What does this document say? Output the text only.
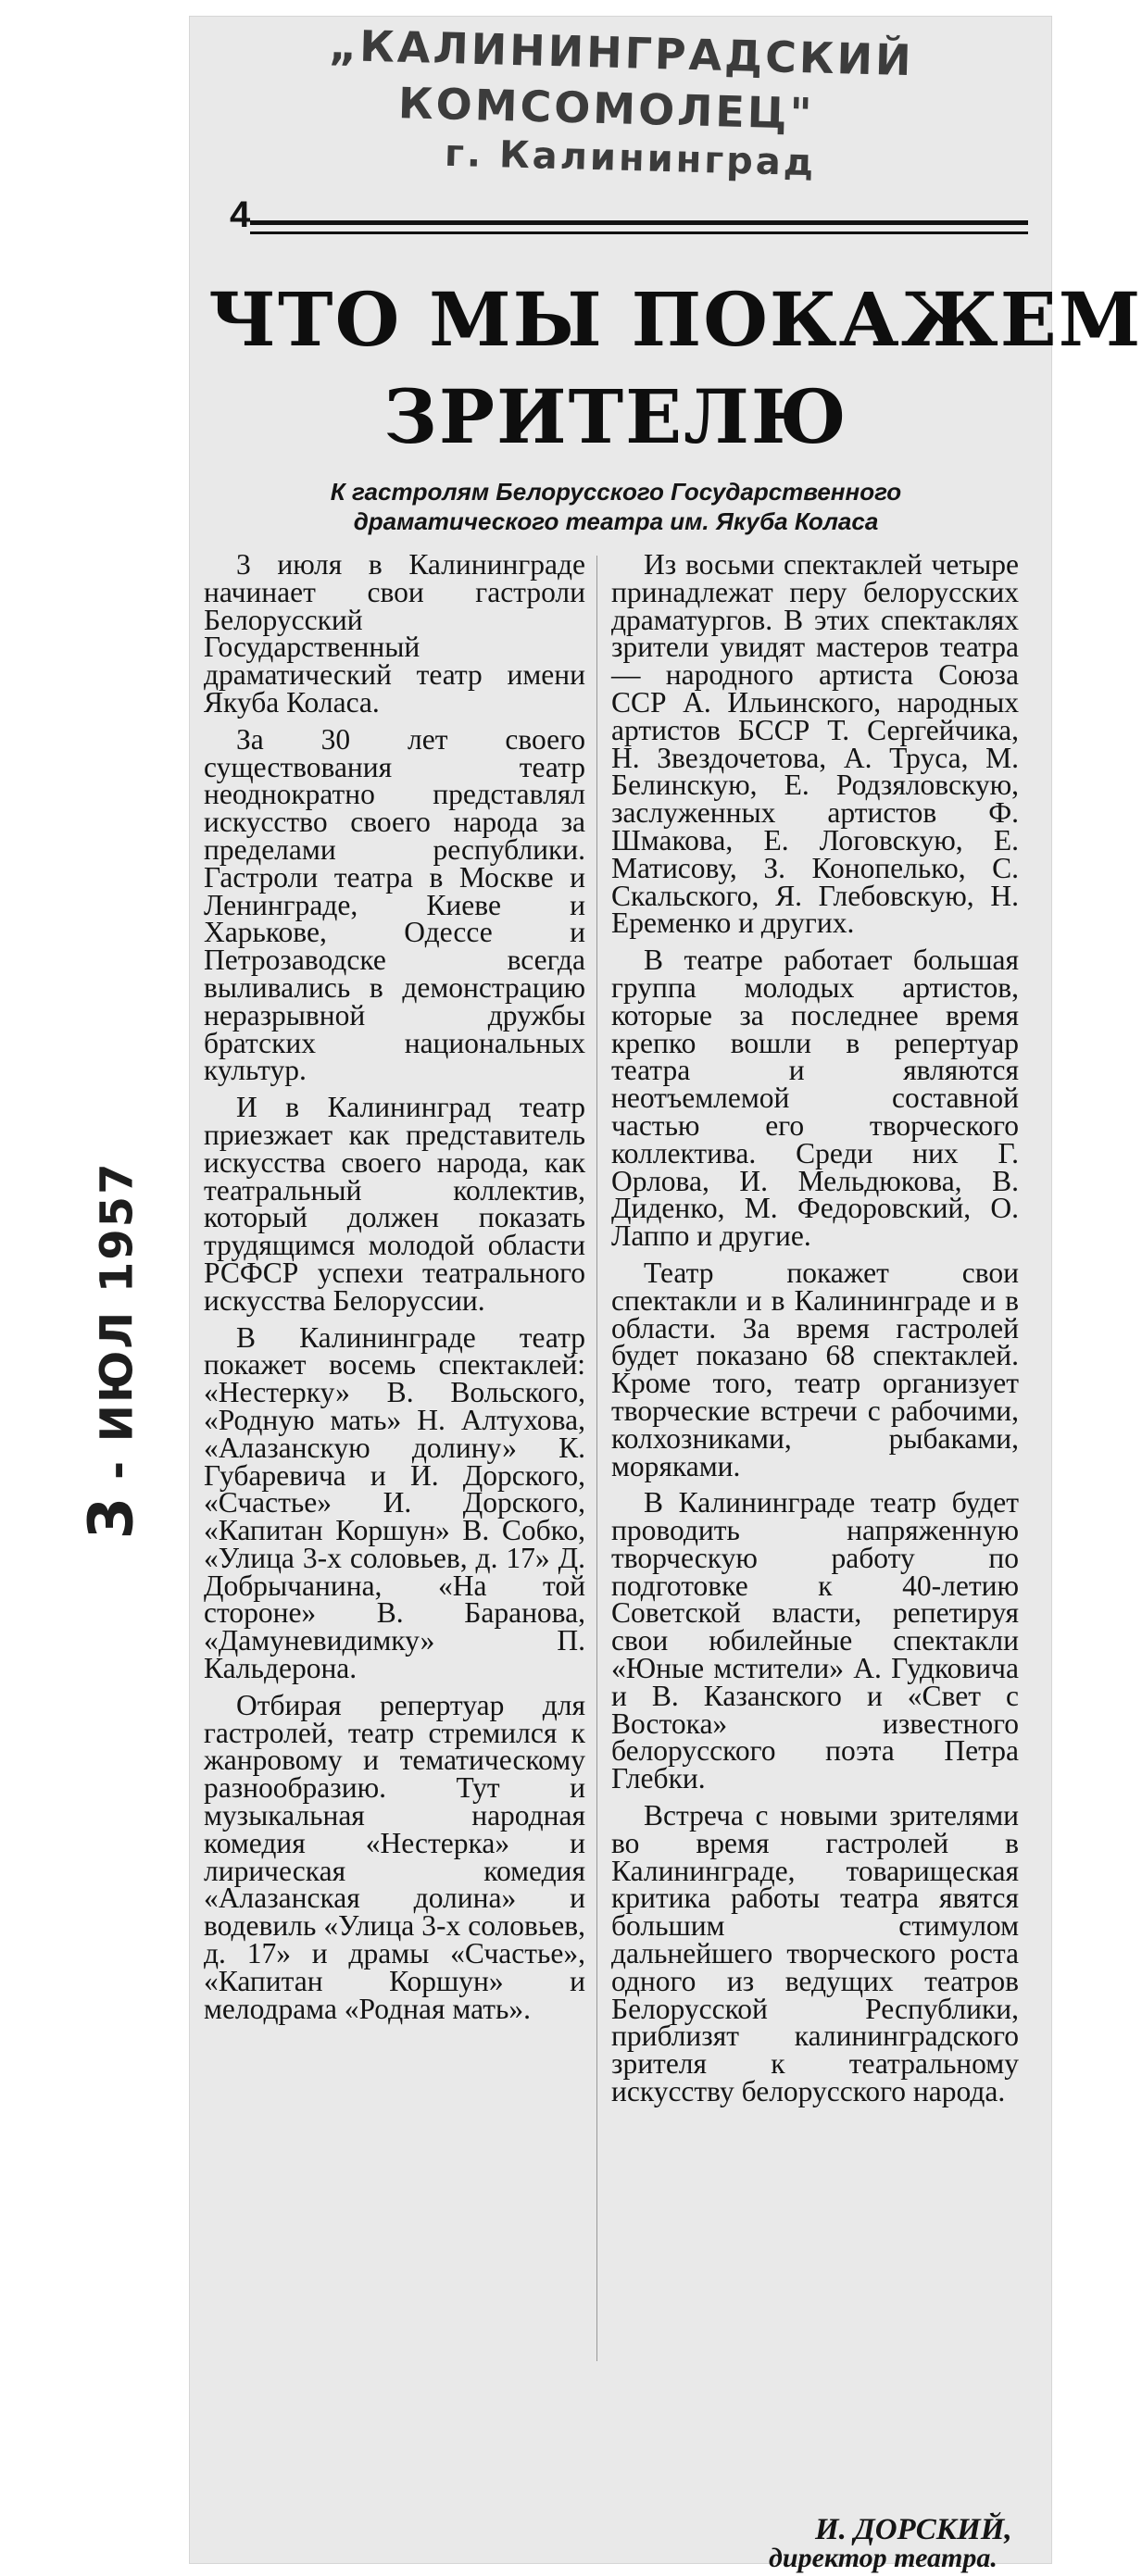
„КАЛИНИНГРАДСКИЙ
КОМСОМОЛЕЦ"
г. Калининград
4
ЧТО МЫ ПОКАЖЕМ
ЗРИТЕЛЮ
К гастролям Белорусского Государственного
драматического театра им. Якуба Коласа

3 июля в Калининграде начинает свои гастроли Белорусский Государственный драматический театр имени Якуба Коласа.

За 30 лет своего существования театр неоднократно представлял искусство своего народа за пределами республики. Гастроли театра в Москве и Ленинграде, Киеве и Харькове, Одессе и Петрозаводске всегда выливались в демонстрацию неразрывной дружбы братских национальных культур.

И в Калининград театр приезжает как представитель искусства своего народа, как театральный коллектив, который должен показать трудящимся молодой области РСФСР успехи театрального искусства Белоруссии.

В Калининграде театр покажет восемь спектаклей: «Нестерку» В. Вольского, «Родную мать» Н. Алтухова, «Алазанскую долину» К. Губаревича и И. Дорского, «Счастье» И. Дорского, «Капитан Коршун» В. Собко, «Улица 3-х соловьев, д. 17» Д. Добрычанина, «На той стороне» В. Баранова, «Дамуневидимку» П. Кальдерона.

Отбирая репертуар для гастролей, театр стремился к жанровому и тематическому разнообразию. Тут и музыкальная народная комедия «Нестерка» и лирическая комедия «Алазанская долина» и водевиль «Улица 3-х соловьев, д. 17» и драмы «Счастье», «Капитан Коршун» и мелодрама «Родная мать».

Из восьми спектаклей четыре принадлежат перу белорусских драматургов. В этих спектаклях зрители увидят мастеров театра — народного артиста Союза ССР А. Ильинского, народных артистов БССР Т. Сергейчика, Н. Звездочетова, А. Труса, М. Белинскую, Е. Родзяловскую, заслуженных артистов Ф. Шмакова, Е. Логовскую, Е. Матисову, З. Конопелько, С. Скальского, Я. Глебовскую, Н. Еременко и других.

В театре работает большая группа молодых артистов, которые за последнее время крепко вошли в репертуар театра и являются неотъемлемой составной частью его творческого коллектива. Среди них Г. Орлова, И. Мельдюкова, В. Диденко, М. Федоровский, О. Лаппо и другие.

Театр покажет свои спектакли и в Калининграде и в области. За время гастролей будет показано 68 спектаклей. Кроме того, театр организует творческие встречи с рабочими, колхозниками, рыбаками, моряками.

В Калининграде театр будет проводить напряженную творческую работу по подготовке к 40-летию Советской власти, репетируя свои юбилейные спектакли «Юные мстители» А. Гудковича и В. Казанского и «Свет с Востока» известного белорусского поэта Петра Глебки.

Встреча с новыми зрителями во время гастролей в Калининграде, товарищеская критика работы театра явятся большим стимулом дальнейшего творческого роста одного из ведущих театров Белорусской Республики, приблизят калининградского зрителя к театральному искусству белорусского народа.

И. ДОРСКИЙ,
директор театра.
3 - ИЮЛ 1957
